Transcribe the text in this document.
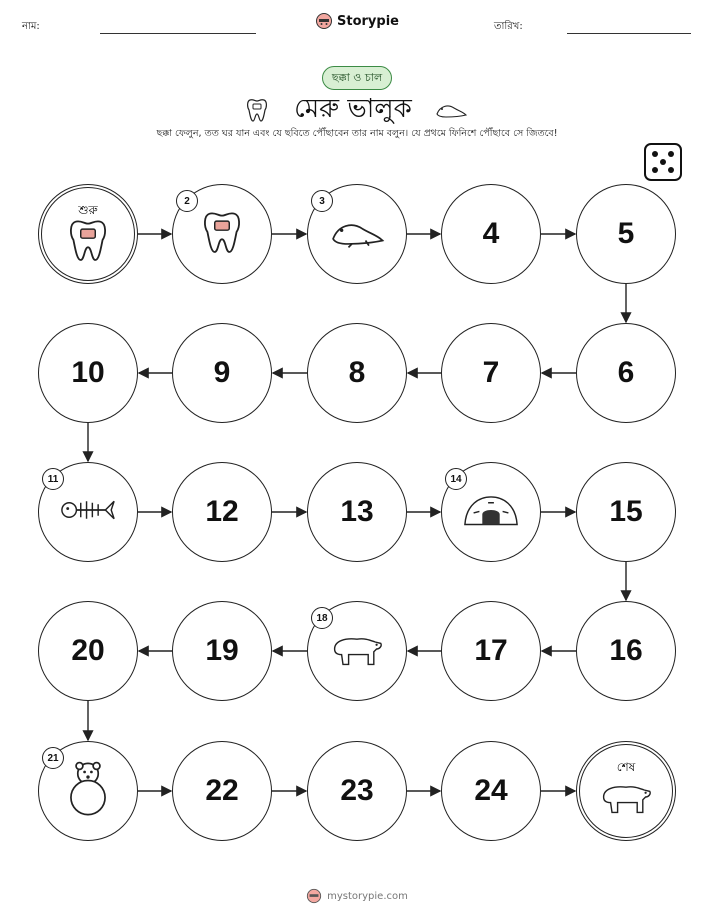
নাম:	Storypie	তারিখ:
ছক্কা ও চাল
মেরু ভালুক
ছক্কা ফেলুন, তত ঘর যান এবং যে ছবিতে পৌঁছাবেন তার নাম বলুন। যে প্রথমে ফিনিশে পৌঁছাবে সে জিতবে!
শুরু
2	3
4	5
6
7
8
9
10
11
12	13
14
15
16
17
18
19
20
21
22	23	24
শেষ
mystorypie.com
